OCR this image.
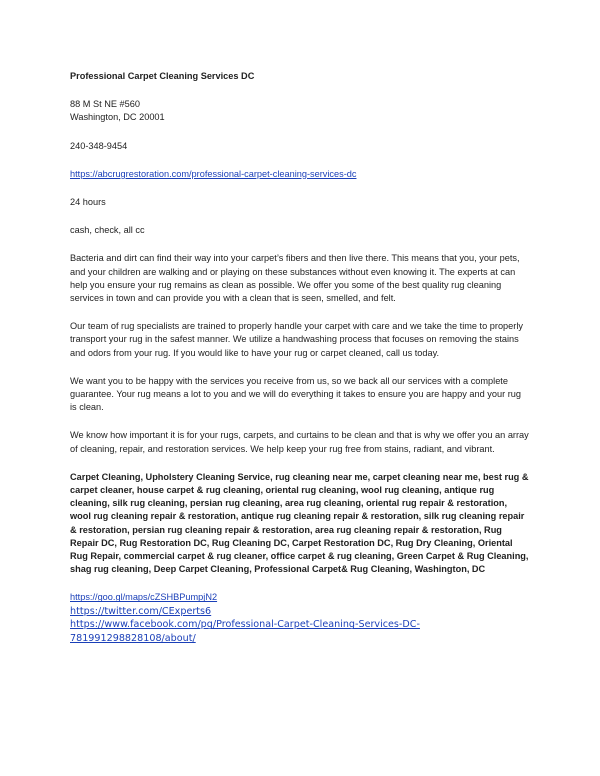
Professional Carpet Cleaning Services DC
88 M St NE #560
Washington, DC 20001
240-348-9454
https://abcrugrestoration.com/professional-carpet-cleaning-services-dc
24 hours
cash, check, all cc
Bacteria and dirt can find their way into your carpet’s fibers and then live there. This means that you, your pets, and your children are walking and or playing on these substances without even knowing it. The experts at can help you ensure your rug remains as clean as possible. We offer you some of the best quality rug cleaning services in town and can provide you with a clean that is seen, smelled, and felt.
Our team of rug specialists are trained to properly handle your carpet with care and we take the time to properly transport your rug in the safest manner. We utilize a handwashing process that focuses on removing the stains and odors from your rug. If you would like to have your rug or carpet cleaned, call us today.
We want you to be happy with the services you receive from us, so we back all our services with a complete guarantee. Your rug means a lot to you and we will do everything it takes to ensure you are happy and your rug is clean.
We know how important it is for your rugs, carpets, and curtains to be clean and that is why we offer you an array of cleaning, repair, and restoration services. We help keep your rug free from stains, radiant, and vibrant.
Carpet Cleaning, Upholstery Cleaning Service, rug cleaning near me, carpet cleaning near me, best rug & carpet cleaner, house carpet & rug cleaning, oriental rug cleaning, wool rug cleaning, antique rug cleaning, silk rug cleaning, persian rug cleaning, area rug cleaning, oriental rug repair & restoration, wool rug cleaning repair & restoration, antique rug cleaning repair & restoration, silk rug cleaning repair & restoration, persian rug cleaning repair & restoration, area rug cleaning repair & restoration, Rug Repair DC, Rug Restoration DC, Rug Cleaning DC, Carpet Restoration DC, Rug Dry Cleaning, Oriental Rug Repair, commercial carpet & rug cleaner, office carpet & rug cleaning, Green Carpet & Rug Cleaning, shag rug cleaning, Deep Carpet Cleaning, Professional Carpet& Rug Cleaning, Washington, DC
https://goo.gl/maps/cZSHBPumpjN2
https://twitter.com/CExperts6
https://www.facebook.com/pg/Professional-Carpet-Cleaning-Services-DC-781991298828108/about/
